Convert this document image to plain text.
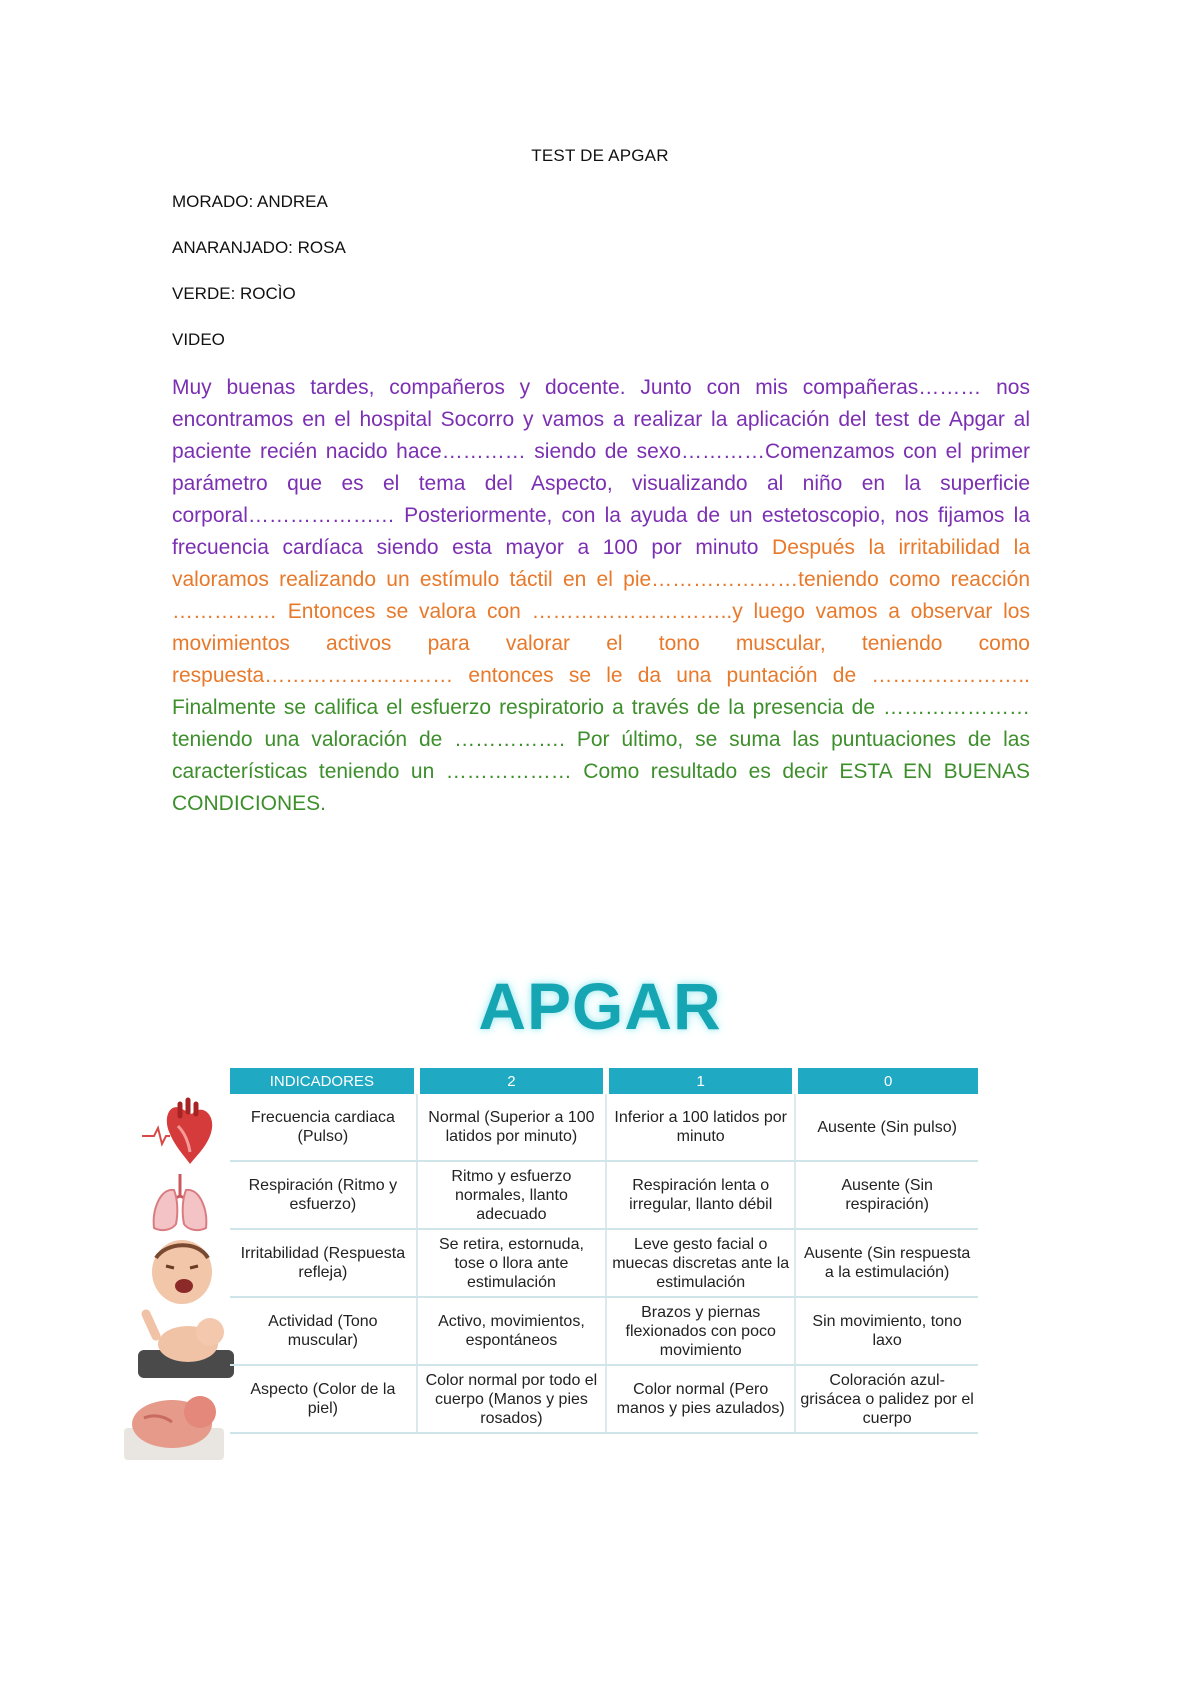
TEST DE APGAR
MORADO: ANDREA
ANARANJADO: ROSA
VERDE: ROCÌO
VIDEO
Muy buenas tardes, compañeros y docente. Junto con mis compañeras……… nos encontramos en el hospital Socorro y vamos a realizar la aplicación del test de Apgar al paciente recién nacido hace………… siendo de sexo…………Comenzamos con el primer parámetro que es el tema del Aspecto, visualizando al niño en la superficie corporal………………… Posteriormente, con la ayuda de un estetoscopio, nos fijamos la frecuencia cardíaca siendo esta mayor a 100 por minuto Después la irritabilidad la valoramos realizando un estímulo táctil en el pie…………………teniendo como reacción …………… Entonces se valora con ………………………..y luego vamos a observar los movimientos activos para valorar el tono muscular, teniendo como respuesta……………………… entonces se le da una puntación de ………………….. Finalmente se califica el esfuerzo respiratorio a través de la presencia de …………………teniendo una valoración de ……………. Por último, se suma las puntuaciones de las características teniendo un ……………… Como resultado es decir ESTA EN BUENAS CONDICIONES.
APGAR
INDICADORES	2	1	0
Frecuencia cardiaca (Pulso)	Normal (Superior a 100 latidos por minuto)	Inferior a 100 latidos por minuto	Ausente (Sin pulso)
Respiración (Ritmo y esfuerzo)	Ritmo y esfuerzo normales, llanto adecuado	Respiración lenta o irregular, llanto débil	Ausente (Sin respiración)
Irritabilidad (Respuesta refleja)	Se retira, estornuda, tose o llora ante estimulación	Leve gesto facial o muecas discretas ante la estimulación	Ausente (Sin respuesta a la estimulación)
Actividad (Tono muscular)	Activo, movimientos, espontáneos	Brazos y piernas flexionados con poco movimiento	Sin movimiento, tono laxo
Aspecto (Color de la piel)	Color normal por todo el cuerpo (Manos y pies rosados)	Color normal (Pero manos y pies azulados)	Coloración azul-grisácea o palidez por el cuerpo
